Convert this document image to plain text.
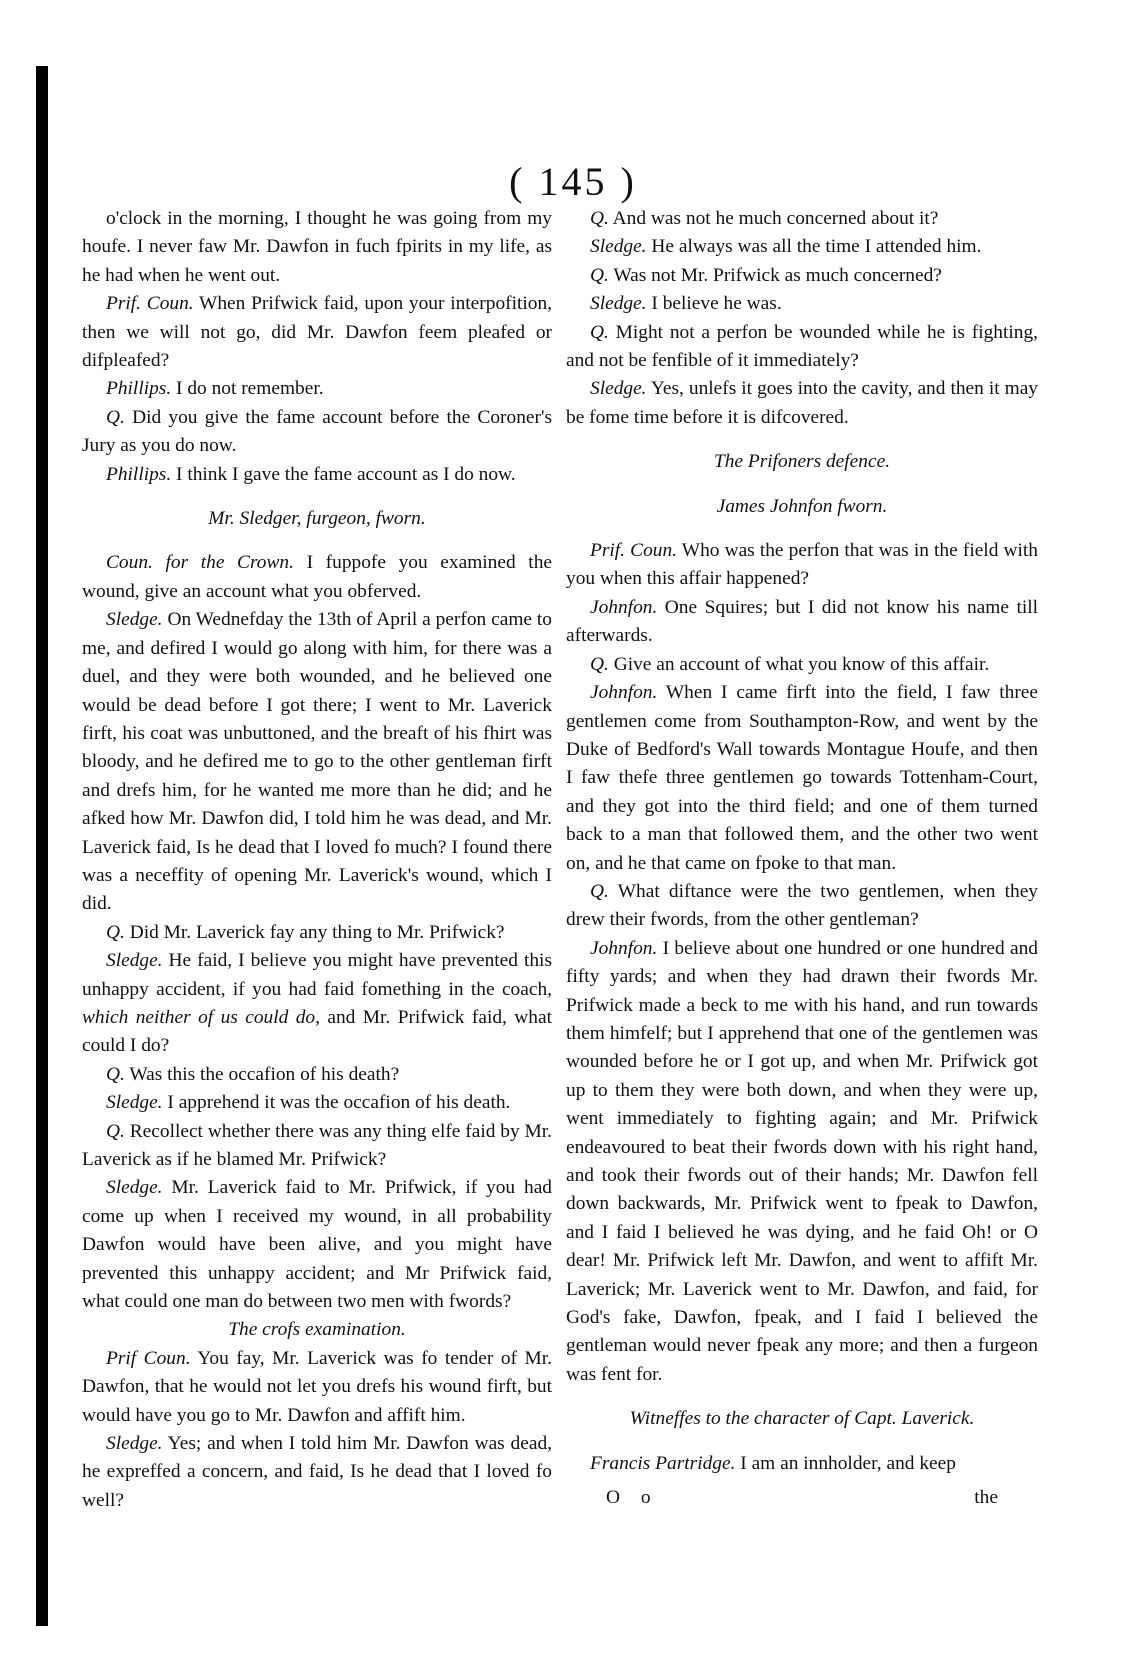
( 145 )

o'clock in the morning, I thought he was going from my houfe. I never faw Mr. Dawfon in fuch fpirits in my life, as he had when he went out.

Prif. Coun. When Prifwick faid, upon your interpofition, then we will not go, did Mr. Dawfon feem pleafed or difpleafed?

Phillips. I do not remember.

Q. Did you give the fame account before the Coroner's Jury as you do now.

Phillips. I think I gave the fame account as I do now.

Mr. Sledger, furgeon, fworn.

Coun. for the Crown. I fuppofe you examined the wound, give an account what you obferved.

Sledge. On Wednefday the 13th of April a perfon came to me, and defired I would go along with him, for there was a duel, and they were both wounded, and he believed one would be dead before I got there; I went to Mr. Laverick firft, his coat was unbuttoned, and the breaft of his fhirt was bloody, and he defired me to go to the other gentleman firft and drefs him, for he wanted me more than he did; and he afked how Mr. Dawfon did, I told him he was dead, and Mr. Laverick faid, Is he dead that I loved fo much? I found there was a neceffity of opening Mr. Laverick's wound, which I did.

Q. Did Mr. Laverick fay any thing to Mr. Prifwick?

Sledge. He faid, I believe you might have prevented this unhappy accident, if you had faid fomething in the coach, which neither of us could do, and Mr. Prifwick faid, what could I do?

Q. Was this the occafion of his death?

Sledge. I apprehend it was the occafion of his death.

Q. Recollect whether there was any thing elfe faid by Mr. Laverick as if he blamed Mr. Prifwick?

Sledge. Mr. Laverick faid to Mr. Prifwick, if you had come up when I received my wound, in all probability Dawfon would have been alive, and you might have prevented this unhappy accident; and Mr Prifwick faid, what could one man do between two men with fwords?

The crofs examination.

Prif Coun. You fay, Mr. Laverick was fo tender of Mr. Dawfon, that he would not let you drefs his wound firft, but would have you go to Mr. Dawfon and affift him.

Sledge. Yes; and when I told him Mr. Dawfon was dead, he expreffed a concern, and faid, Is he dead that I loved fo well?

Q. And was not he much concerned about it?

Sledge. He always was all the time I attended him.

Q. Was not Mr. Prifwick as much concerned?

Sledge. I believe he was.

Q. Might not a perfon be wounded while he is fighting, and not be fenfible of it immediately?

Sledge. Yes, unlefs it goes into the cavity, and then it may be fome time before it is difcovered.

The Prifoners defence.

James Johnfon fworn.

Prif. Coun. Who was the perfon that was in the field with you when this affair happened?

Johnfon. One Squires; but I did not know his name till afterwards.

Q. Give an account of what you know of this affair.

Johnfon. When I came firft into the field, I faw three gentlemen come from Southampton-Row, and went by the Duke of Bedford's Wall towards Montague Houfe, and then I faw thefe three gentlemen go towards Tottenham-Court, and they got into the third field; and one of them turned back to a man that followed them, and the other two went on, and he that came on fpoke to that man.

Q. What diftance were the two gentlemen, when they drew their fwords, from the other gentleman?

Johnfon. I believe about one hundred or one hundred and fifty yards; and when they had drawn their fwords Mr. Prifwick made a beck to me with his hand, and run towards them himfelf; but I apprehend that one of the gentlemen was wounded before he or I got up, and when Mr. Prifwick got up to them they were both down, and when they were up, went immediately to fighting again; and Mr. Prifwick endeavoured to beat their fwords down with his right hand, and took their fwords out of their hands; Mr. Dawfon fell down backwards, Mr. Prifwick went to fpeak to Dawfon, and I faid I believed he was dying, and he faid Oh! or O dear! Mr. Prifwick left Mr. Dawfon, and went to affift Mr. Laverick; Mr. Laverick went to Mr. Dawfon, and faid, for God's fake, Dawfon, fpeak, and I faid I believed the gentleman would never fpeak any more; and then a furgeon was fent for.

Witneffes to the character of Capt. Laverick.

Francis Partridge. I am an innholder, and keep

O o	the
